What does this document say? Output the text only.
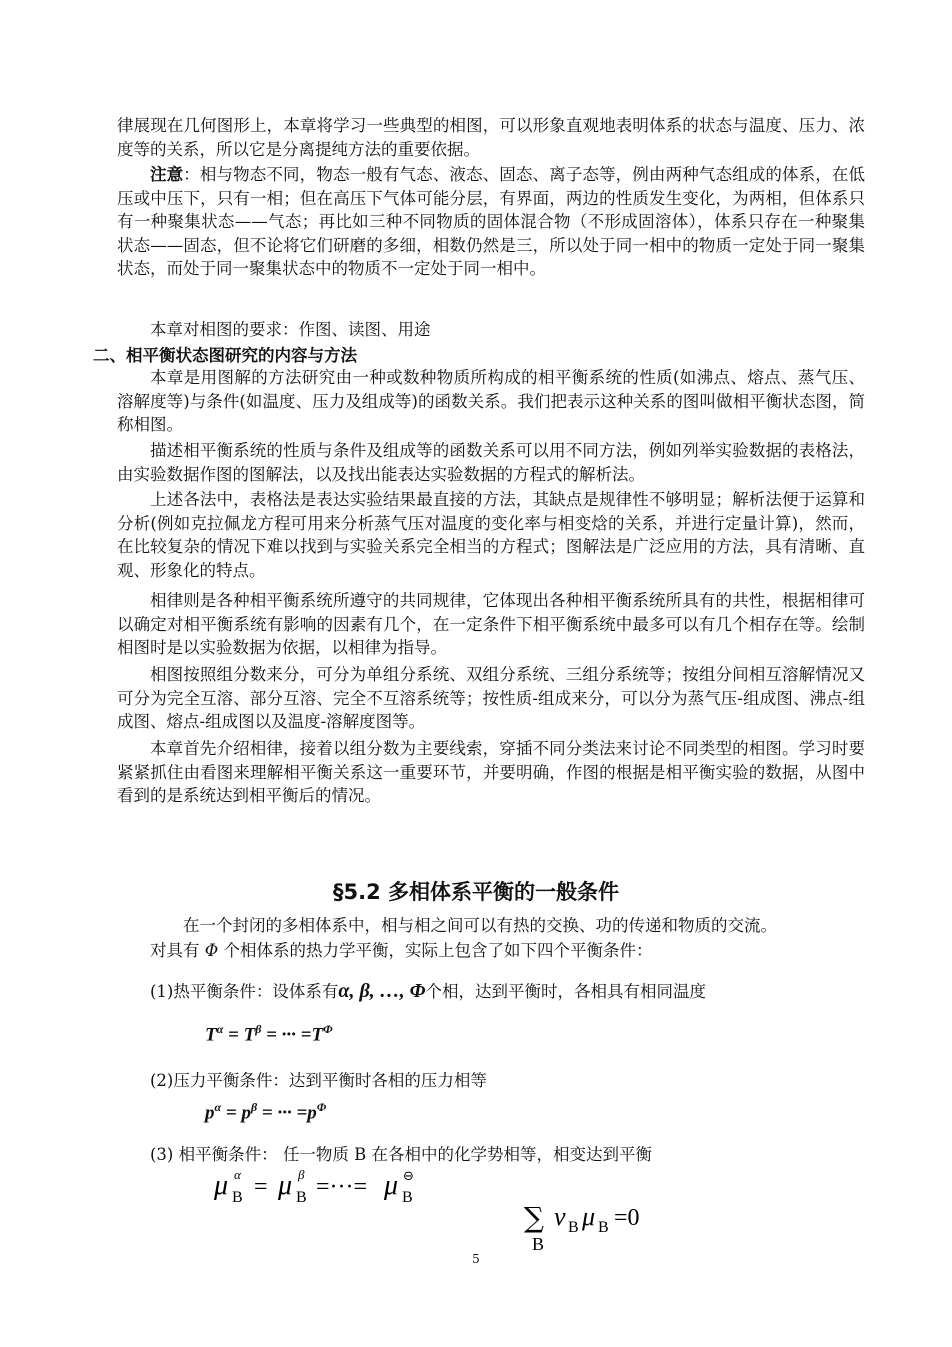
律展现在几何图形上，本章将学习一些典型的相图，可以形象直观地表明体系的状态与温度、压力、浓度等的关系，所以它是分离提纯方法的重要依据。

注意：相与物态不同，物态一般有气态、液态、固态、离子态等，例由两种气态组成的体系，在低压或中压下，只有一相；但在高压下气体可能分层，有界面，两边的性质发生变化，为两相，但体系只有一种聚集状态——气态；再比如三种不同物质的固体混合物（不形成固溶体），体系只存在一种聚集状态——固态，但不论将它们研磨的多细，相数仍然是三，所以处于同一相中的物质一定处于同一聚集状态，而处于同一聚集状态中的物质不一定处于同一相中。

本章对相图的要求：作图、读图、用途

二、相平衡状态图研究的内容与方法

本章是用图解的方法研究由一种或数种物质所构成的相平衡系统的性质(如沸点、熔点、蒸气压、溶解度等)与条件(如温度、压力及组成等)的函数关系。我们把表示这种关系的图叫做相平衡状态图，简称相图。

描述相平衡系统的性质与条件及组成等的函数关系可以用不同方法，例如列举实验数据的表格法，由实验数据作图的图解法，以及找出能表达实验数据的方程式的解析法。

上述各法中，表格法是表达实验结果最直接的方法，其缺点是规律性不够明显；解析法便于运算和分析(例如克拉佩龙方程可用来分析蒸气压对温度的变化率与相变焓的关系，并进行定量计算)，然而，在比较复杂的情况下难以找到与实验关系完全相当的方程式；图解法是广泛应用的方法，具有清晰、直观、形象化的特点。

相律则是各种相平衡系统所遵守的共同规律，它体现出各种相平衡系统所具有的共性，根据相律可以确定对相平衡系统有影响的因素有几个，在一定条件下相平衡系统中最多可以有几个相存在等。绘制相图时是以实验数据为依据，以相律为指导。

相图按照组分数来分，可分为单组分系统、双组分系统、三组分系统等；按组分间相互溶解情况又可分为完全互溶、部分互溶、完全不互溶系统等；按性质-组成来分，可以分为蒸气压-组成图、沸点-组成图、熔点-组成图以及温度-溶解度图等。

本章首先介绍相律，接着以组分数为主要线索，穿插不同分类法来讨论不同类型的相图。学习时要紧紧抓住由看图来理解相平衡关系这一重要环节，并要明确，作图的根据是相平衡实验的数据，从图中看到的是系统达到相平衡后的情况。

§5.2 多相体系平衡的一般条件

在一个封闭的多相体系中，相与相之间可以有热的交换、功的传递和物质的交流。

对具有 Φ 个相体系的热力学平衡，实际上包含了如下四个平衡条件：

(1)热平衡条件：设体系有α, β, …, Φ个相，达到平衡时，各相具有相同温度
$T^\alpha = T^\beta$ = ··· $=T^\Phi$
(2)压力平衡条件：达到平衡时各相的压力相等
$p^\alpha = p^\beta$ = ··· $=p^\Phi$
(3) 相平衡条件： 任一物质 B 在各相中的化学势相等，相变达到平衡
μ B
α = μ B
β =···= μ B
⊖
∑
B
ν B μ B =0
5
